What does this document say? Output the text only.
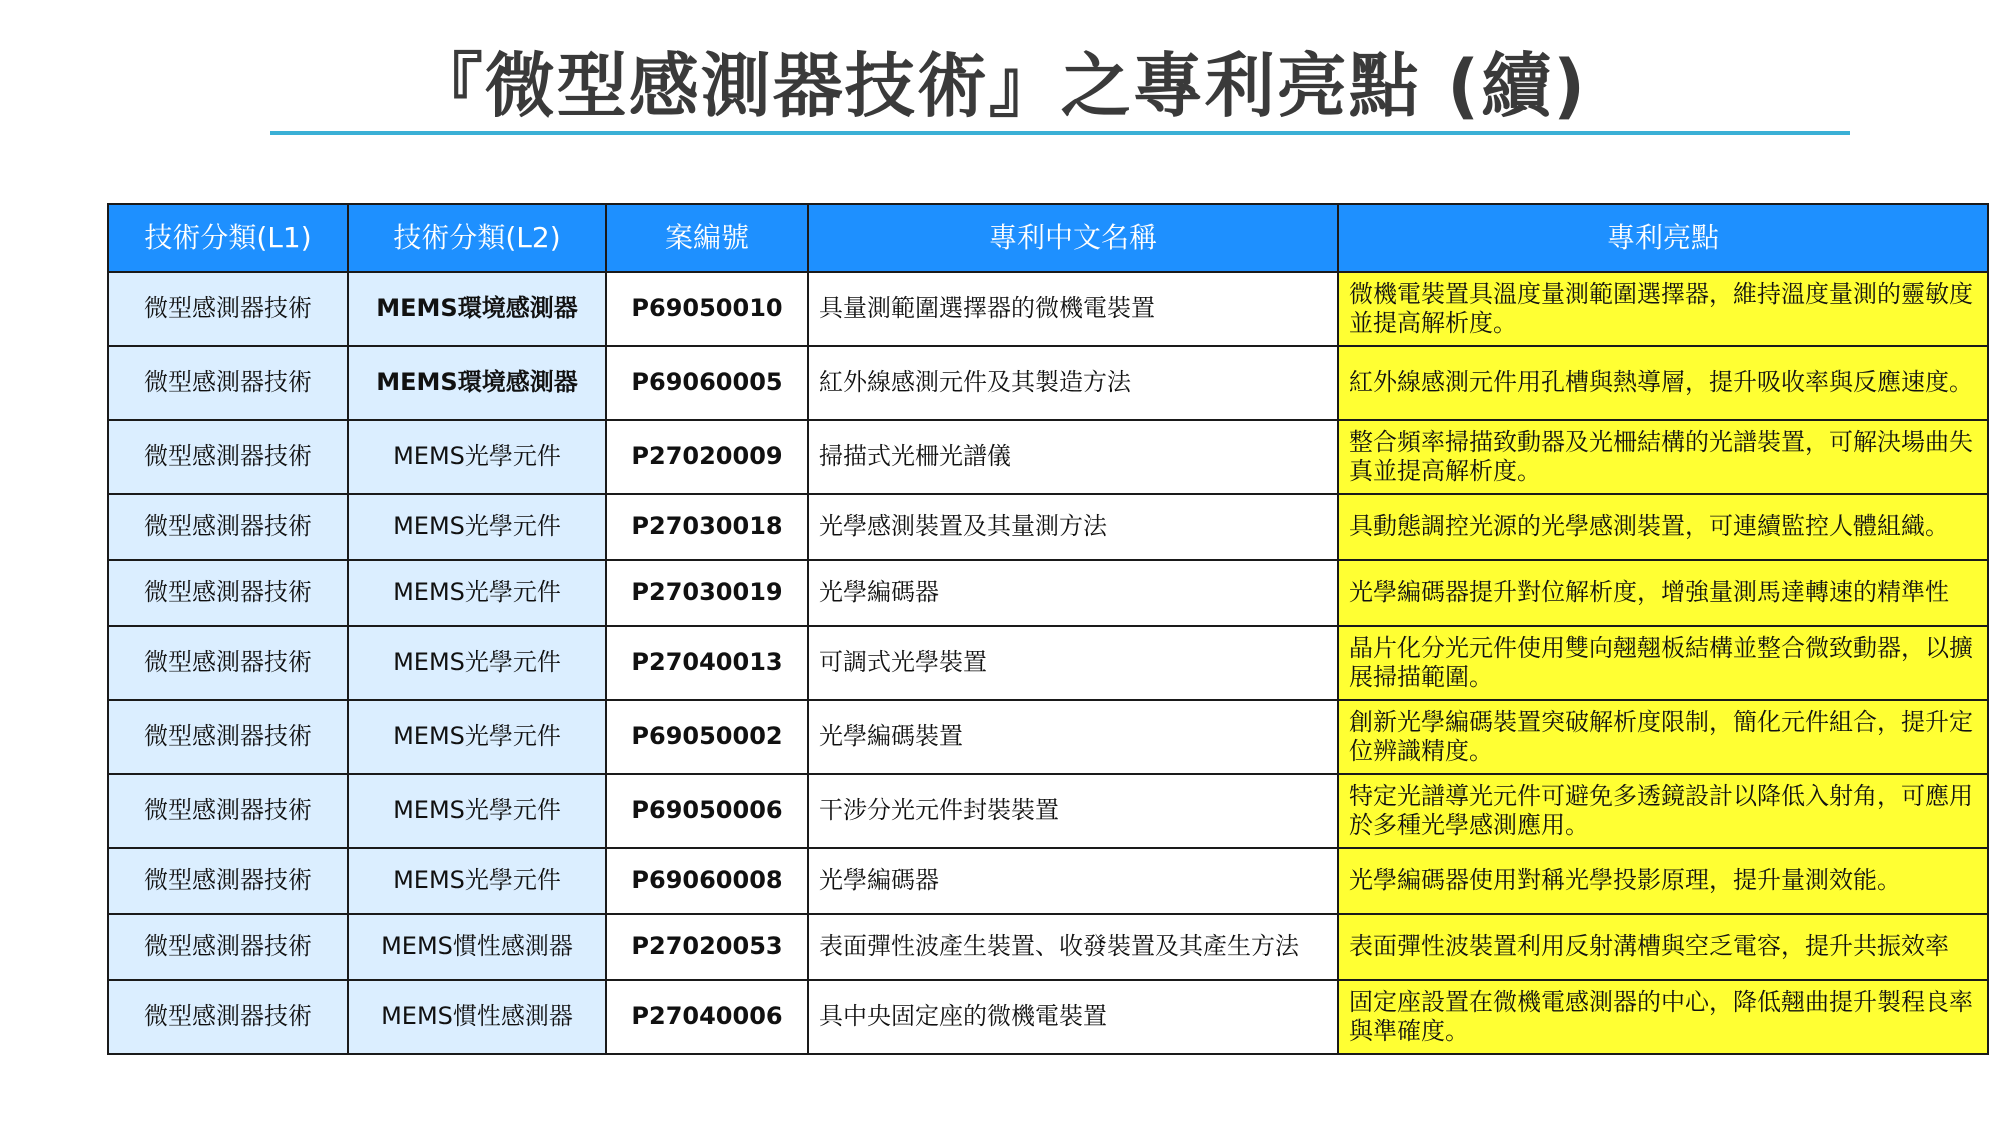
『微型感測器技術』之專利亮點 (續)
技術分類(L1)	技術分類(L2)	案編號	專利中文名稱	專利亮點
微型感測器技術	MEMS環境感測器	P69050010	具量測範圍選擇器的微機電裝置	微機電裝置具溫度量測範圍選擇器，維持溫度量測的靈敏度並提高解析度。
微型感測器技術	MEMS環境感測器	P69060005	紅外線感測元件及其製造方法	紅外線感測元件用孔槽與熱導層，提升吸收率與反應速度。
微型感測器技術	MEMS光學元件	P27020009	掃描式光柵光譜儀	整合頻率掃描致動器及光柵結構的光譜裝置，可解決場曲失真並提高解析度。
微型感測器技術	MEMS光學元件	P27030018	光學感測裝置及其量測方法	具動態調控光源的光學感測裝置，可連續監控人體組織。
微型感測器技術	MEMS光學元件	P27030019	光學編碼器	光學編碼器提升對位解析度，增強量測馬達轉速的精準性
微型感測器技術	MEMS光學元件	P27040013	可調式光學裝置	晶片化分光元件使用雙向翹翹板結構並整合微致動器，以擴展掃描範圍。
微型感測器技術	MEMS光學元件	P69050002	光學編碼裝置	創新光學編碼裝置突破解析度限制，簡化元件組合，提升定位辨識精度。
微型感測器技術	MEMS光學元件	P69050006	干涉分光元件封裝裝置	特定光譜導光元件可避免多透鏡設計以降低入射角，可應用於多種光學感測應用。
微型感測器技術	MEMS光學元件	P69060008	光學編碼器	光學編碼器使用對稱光學投影原理，提升量測效能。
微型感測器技術	MEMS慣性感測器	P27020053	表面彈性波產生裝置、收發裝置及其產生方法	表面彈性波裝置利用反射溝槽與空乏電容，提升共振效率
微型感測器技術	MEMS慣性感測器	P27040006	具中央固定座的微機電裝置	固定座設置在微機電感測器的中心，降低翹曲提升製程良率與準確度。
